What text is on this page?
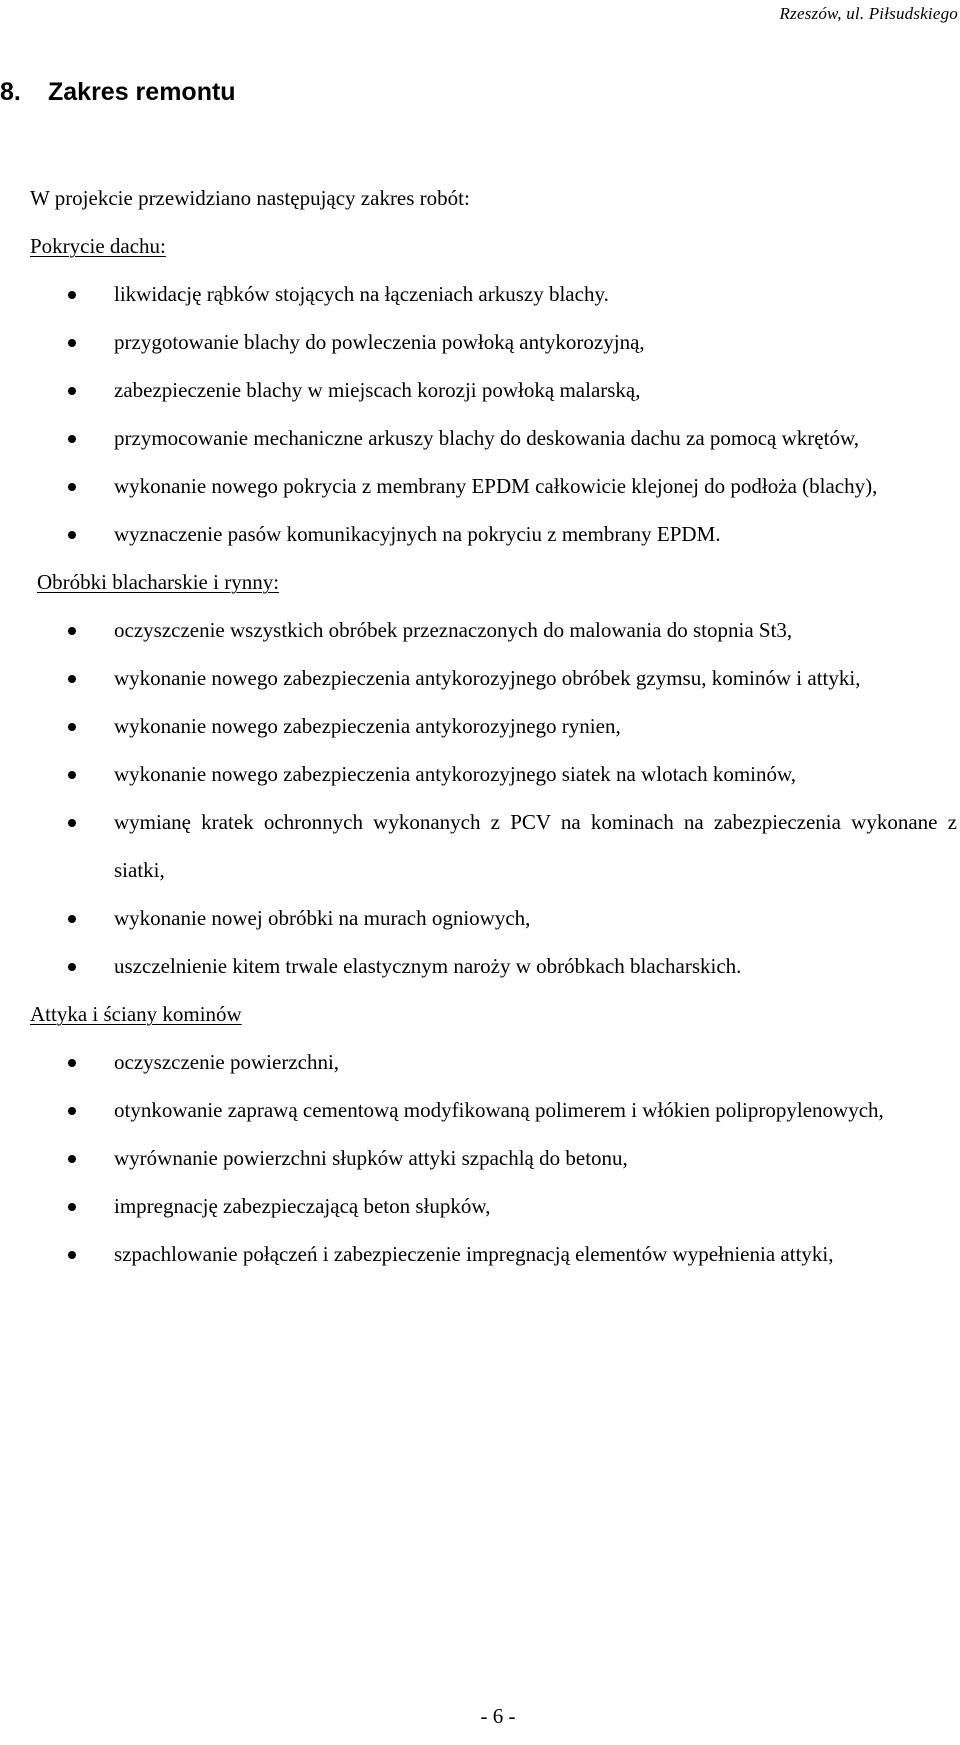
Rzeszów, ul. Piłsudskiego
8. Zakres remontu

W projekcie przewidziano następujący zakres robót:

Pokrycie dachu:

likwidację rąbków stojących na łączeniach arkuszy blachy.
przygotowanie blachy do powleczenia powłoką antykorozyjną,
zabezpieczenie blachy w miejscach korozji powłoką malarską,
przymocowanie mechaniczne arkuszy blachy do deskowania dachu za pomocą wkrętów,
wykonanie nowego pokrycia z membrany EPDM całkowicie klejonej do podłoża (blachy),
wyznaczenie pasów komunikacyjnych na pokryciu z membrany EPDM.

Obróbki blacharskie i rynny:

oczyszczenie wszystkich obróbek przeznaczonych do malowania do stopnia St3,
wykonanie nowego zabezpieczenia antykorozyjnego obróbek gzymsu, kominów i attyki,
wykonanie nowego zabezpieczenia antykorozyjnego rynien,
wykonanie nowego zabezpieczenia antykorozyjnego siatek na wlotach kominów,
wymianę kratek ochronnych wykonanych z PCV na kominach na zabezpieczenia wykonane z siatki,
wykonanie nowej obróbki na murach ogniowych,
uszczelnienie kitem trwale elastycznym naroży w obróbkach blacharskich.

Attyka i ściany kominów

oczyszczenie powierzchni,
otynkowanie zaprawą cementową modyfikowaną polimerem i włókien polipropylenowych,
wyrównanie powierzchni słupków attyki szpachlą do betonu,
impregnację zabezpieczającą beton słupków,
szpachlowanie połączeń i zabezpieczenie impregnacją elementów wypełnienia attyki,
- 6 -
